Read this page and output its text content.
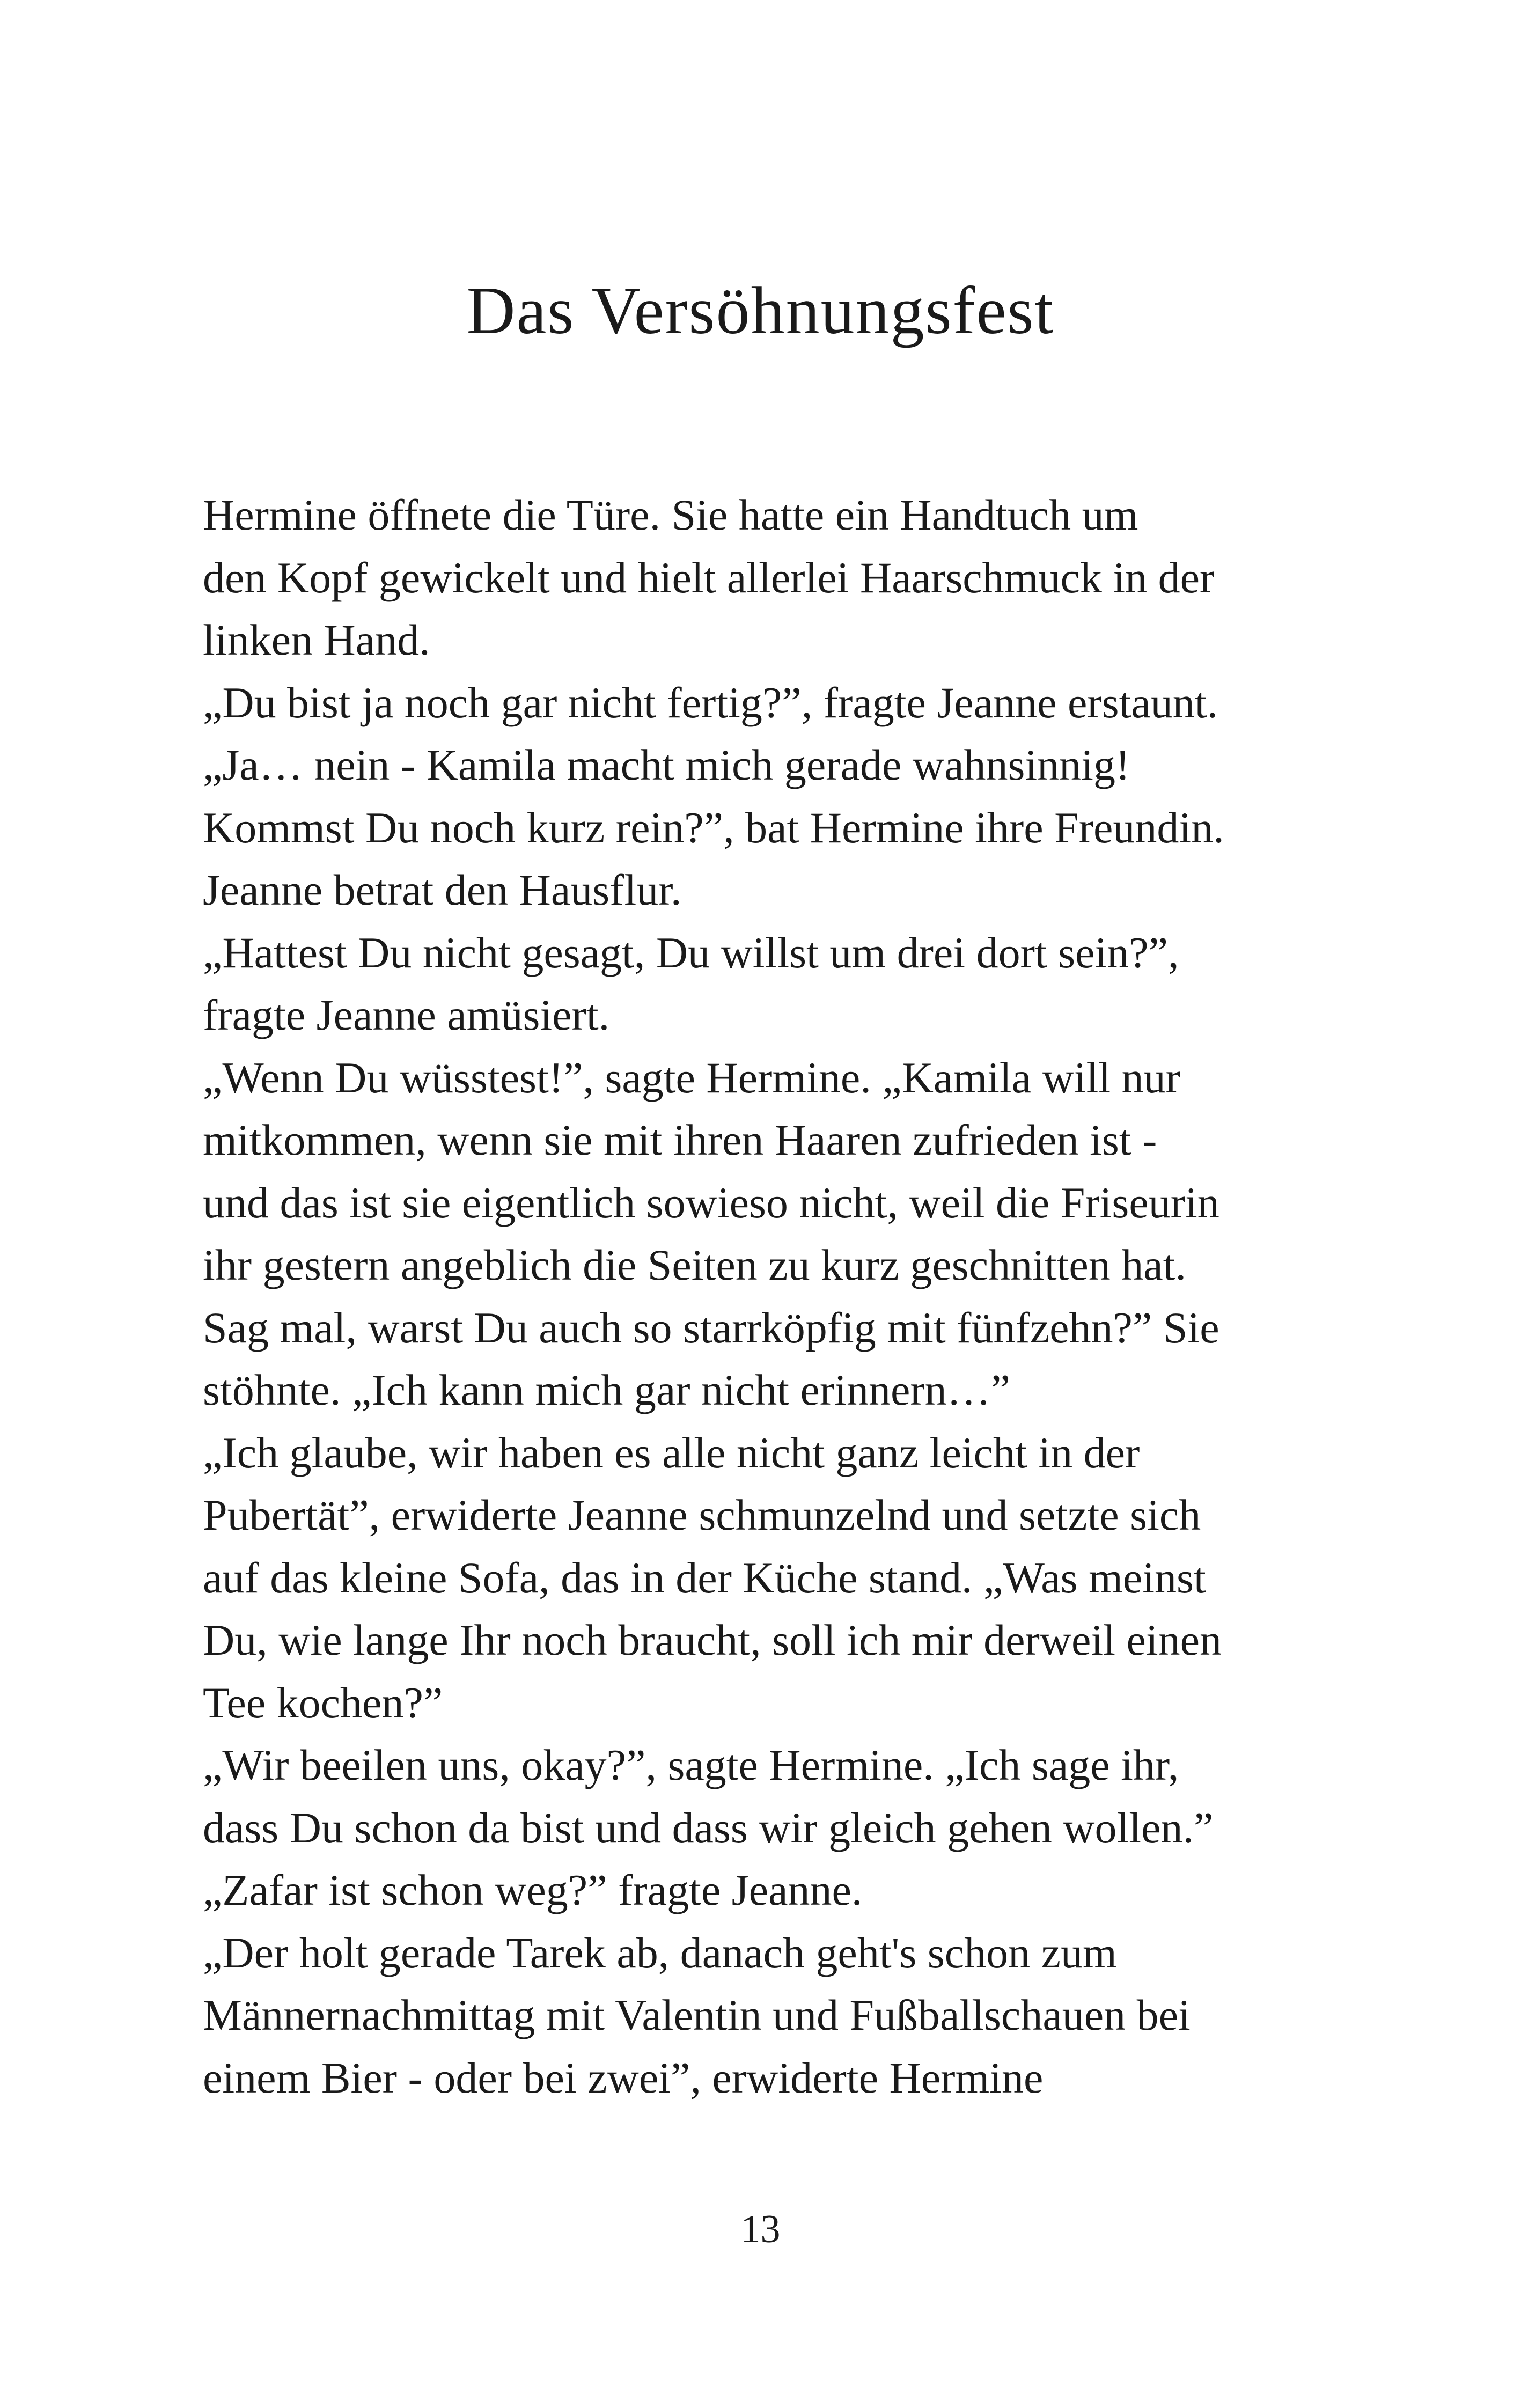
Das Versöhnungsfest
Hermine öffnete die Türe. Sie hatte ein Handtuch um
den Kopf gewickelt und hielt allerlei Haarschmuck in der
linken Hand.
„Du bist ja noch gar nicht fertig?”, fragte Jeanne erstaunt.
„Ja… nein - Kamila macht mich gerade wahnsinnig!
Kommst Du noch kurz rein?”, bat Hermine ihre Freundin.
Jeanne betrat den Hausflur.
„Hattest Du nicht gesagt, Du willst um drei dort sein?”,
fragte Jeanne amüsiert.
„Wenn Du wüsstest!”, sagte Hermine. „Kamila will nur
mitkommen, wenn sie mit ihren Haaren zufrieden ist -
und das ist sie eigentlich sowieso nicht, weil die Friseurin
ihr gestern angeblich die Seiten zu kurz geschnitten hat.
Sag mal, warst Du auch so starrköpfig mit fünfzehn?” Sie
stöhnte. „Ich kann mich gar nicht erinnern…”
„Ich glaube, wir haben es alle nicht ganz leicht in der
Pubertät”, erwiderte Jeanne schmunzelnd und setzte sich
auf das kleine Sofa, das in der Küche stand. „Was meinst
Du, wie lange Ihr noch braucht, soll ich mir derweil einen
Tee kochen?”
„Wir beeilen uns, okay?”, sagte Hermine. „Ich sage ihr,
dass Du schon da bist und dass wir gleich gehen wollen.”
„Zafar ist schon weg?” fragte Jeanne.
„Der holt gerade Tarek ab, danach geht's schon zum
Männernachmittag mit Valentin und Fußballschauen bei
einem Bier - oder bei zwei”, erwiderte Hermine
13
